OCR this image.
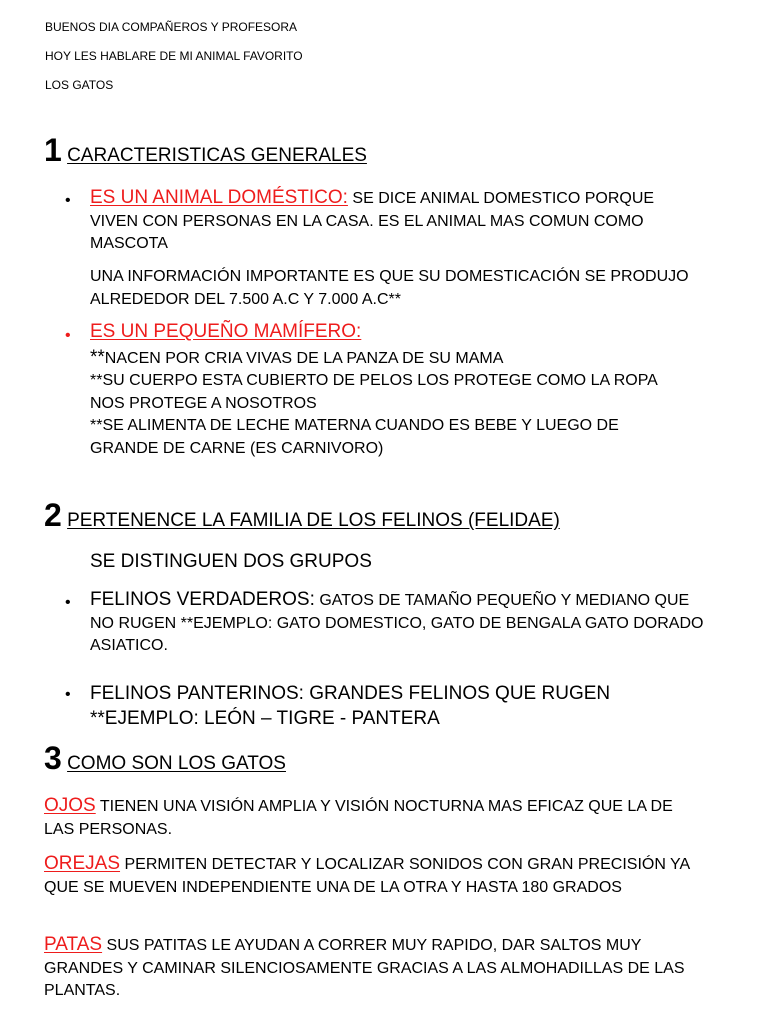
BUENOS DIA COMPAÑEROS Y PROFESORA
HOY LES HABLARE DE MI ANIMAL FAVORITO
LOS GATOS
1 CARACTERISTICAS GENERALES
• ES UN ANIMAL DOMÉSTICO: SE DICE ANIMAL DOMESTICO PORQUE VIVEN CON PERSONAS EN LA CASA. ES EL ANIMAL MAS COMUN COMO MASCOTA
UNA INFORMACIÓN IMPORTANTE ES QUE SU DOMESTICACIÓN SE PRODUJO ALREDEDOR DEL 7.500 A.C Y 7.000 A.C**
• ES UN PEQUEÑO MAMÍFERO:
**NACEN POR CRIA VIVAS DE LA PANZA DE SU MAMA
**SU CUERPO ESTA CUBIERTO DE PELOS LOS PROTEGE COMO LA ROPA NOS PROTEGE A NOSOTROS
**SE ALIMENTA DE LECHE MATERNA CUANDO ES BEBE Y LUEGO DE GRANDE DE CARNE (ES CARNIVORO)
2 PERTENENCE LA FAMILIA DE LOS FELINOS (FELIDAE)
SE DISTINGUEN DOS GRUPOS
• FELINOS VERDADEROS: GATOS DE TAMAÑO PEQUEÑO Y MEDIANO QUE NO RUGEN **EJEMPLO: GATO DOMESTICO, GATO DE BENGALA GATO DORADO ASIATICO.
• FELINOS PANTERINOS: GRANDES FELINOS QUE RUGEN
**EJEMPLO: LEÓN – TIGRE - PANTERA
3 COMO SON LOS GATOS
OJOS TIENEN UNA VISIÓN AMPLIA Y VISIÓN NOCTURNA MAS EFICAZ QUE LA DE LAS PERSONAS.
OREJAS PERMITEN DETECTAR Y LOCALIZAR SONIDOS CON GRAN PRECISIÓN YA QUE SE MUEVEN INDEPENDIENTE UNA DE LA OTRA Y HASTA 180 GRADOS
PATAS SUS PATITAS LE AYUDAN A CORRER MUY RAPIDO, DAR SALTOS MUY GRANDES Y CAMINAR SILENCIOSAMENTE GRACIAS A LAS ALMOHADILLAS DE LAS PLANTAS.
